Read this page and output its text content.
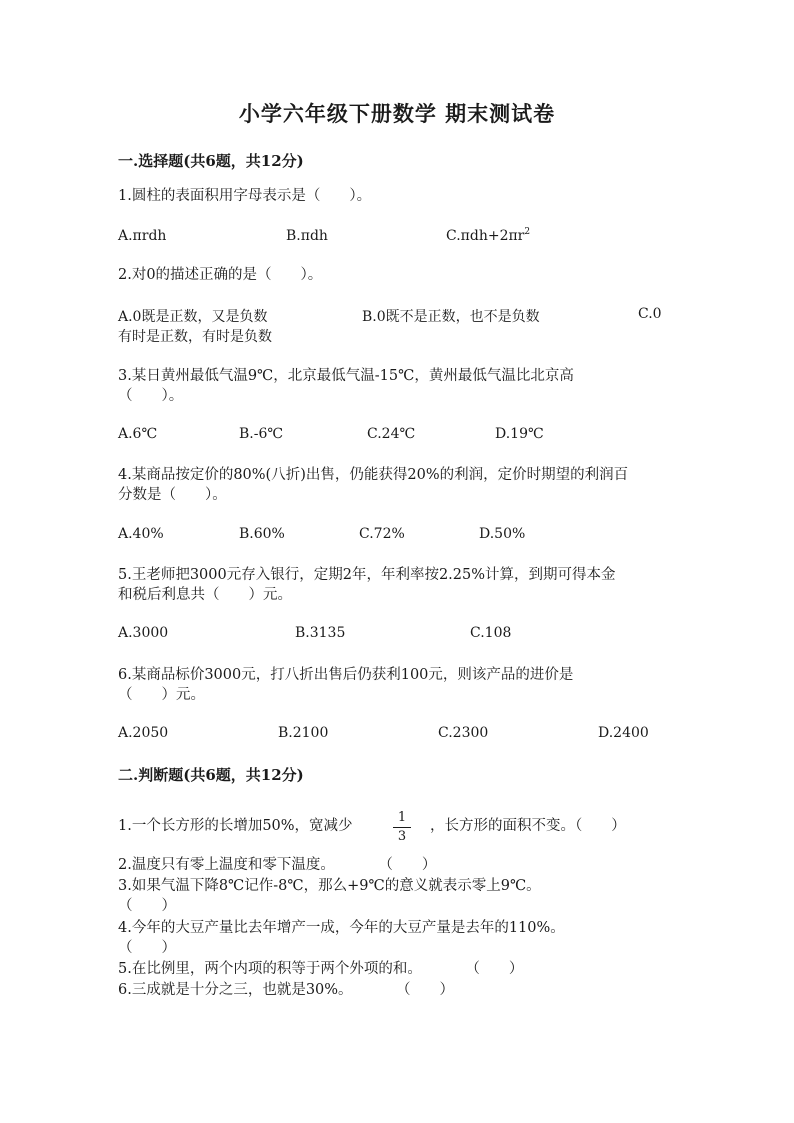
小学六年级下册数学 期末测试卷
一.选择题(共6题，共12分)
1.圆柱的表面积用字母表示是（　　）。
A.πrdh	B.πdh	$C.\pi dh+2\pi r^2$
2.对0的描述正确的是（　　）。
A.0既是正数，又是负数	B.0既不是正数，也不是负数	C.0
有时是正数，有时是负数
3.某日黄州最低气温9℃，北京最低气温-15℃，黄州最低气温比北京高
（　　）。
A.6℃	B.-6℃	C.24℃	D.19℃
4.某商品按定价的80%(八折)出售，仍能获得20%的利润，定价时期望的利润百
分数是（　　）。
A.40%	B.60%	C.72%	D.50%
5.王老师把3000元存入银行，定期2年，年利率按2.25%计算，到期可得本金
和税后利息共（　　）元。
A.3000	B.3135	C.108
6.某商品标价3000元，打八折出售后仍获利100元，则该产品的进价是
（　　）元。
A.2050	B.2100	C.2300	D.2400
二.判断题(共6题，共12分)
1.一个长方形的长增加50%，宽减少
1
3
，长方形的面积不变。（　　）
2.温度只有零上温度和零下温度。　　　　（　　）
3.如果气温下降8℃记作-8℃，那么+9℃的意义就表示零上9℃。
（　　）
4.今年的大豆产量比去年增产一成，今年的大豆产量是去年的110%。
（　　）
5.在比例里，两个内项的积等于两个外项的和。　　　　（　　）
6.三成就是十分之三，也就是30%。　　　　（　　）
